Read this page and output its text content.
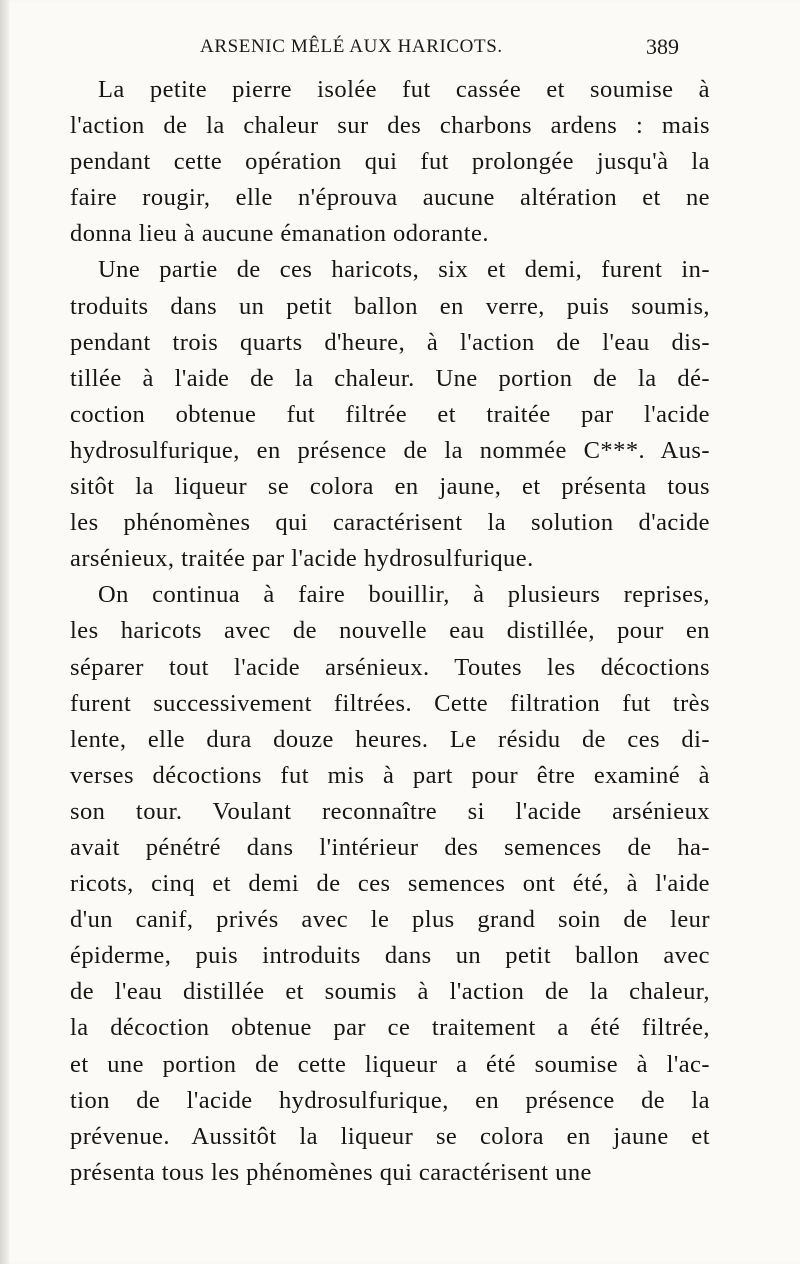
ARSENIC MÊLÉ AUX HARICOTS.	389
La petite pierre isolée fut cassée et soumise à
l'action de la chaleur sur des charbons ardens : mais
pendant cette opération qui fut prolongée jusqu'à la
faire rougir, elle n'éprouva aucune altération et ne
donna lieu à aucune émanation odorante.
Une partie de ces haricots, six et demi, furent in-
troduits dans un petit ballon en verre, puis soumis,
pendant trois quarts d'heure, à l'action de l'eau dis-
tillée à l'aide de la chaleur. Une portion de la dé-
coction obtenue fut filtrée et traitée par l'acide
hydrosulfurique, en présence de la nommée C***. Aus-
sitôt la liqueur se colora en jaune, et présenta tous
les phénomènes qui caractérisent la solution d'acide
arsénieux, traitée par l'acide hydrosulfurique.
On continua à faire bouillir, à plusieurs reprises,
les haricots avec de nouvelle eau distillée, pour en
séparer tout l'acide arsénieux. Toutes les décoctions
furent successivement filtrées. Cette filtration fut très
lente, elle dura douze heures. Le résidu de ces di-
verses décoctions fut mis à part pour être examiné à
son tour. Voulant reconnaître si l'acide arsénieux
avait pénétré dans l'intérieur des semences de ha-
ricots, cinq et demi de ces semences ont été, à l'aide
d'un canif, privés avec le plus grand soin de leur
épiderme, puis introduits dans un petit ballon avec
de l'eau distillée et soumis à l'action de la chaleur,
la décoction obtenue par ce traitement a été filtrée,
et une portion de cette liqueur a été soumise à l'ac-
tion de l'acide hydrosulfurique, en présence de la
prévenue. Aussitôt la liqueur se colora en jaune et
présenta tous les phénomènes qui caractérisent une
